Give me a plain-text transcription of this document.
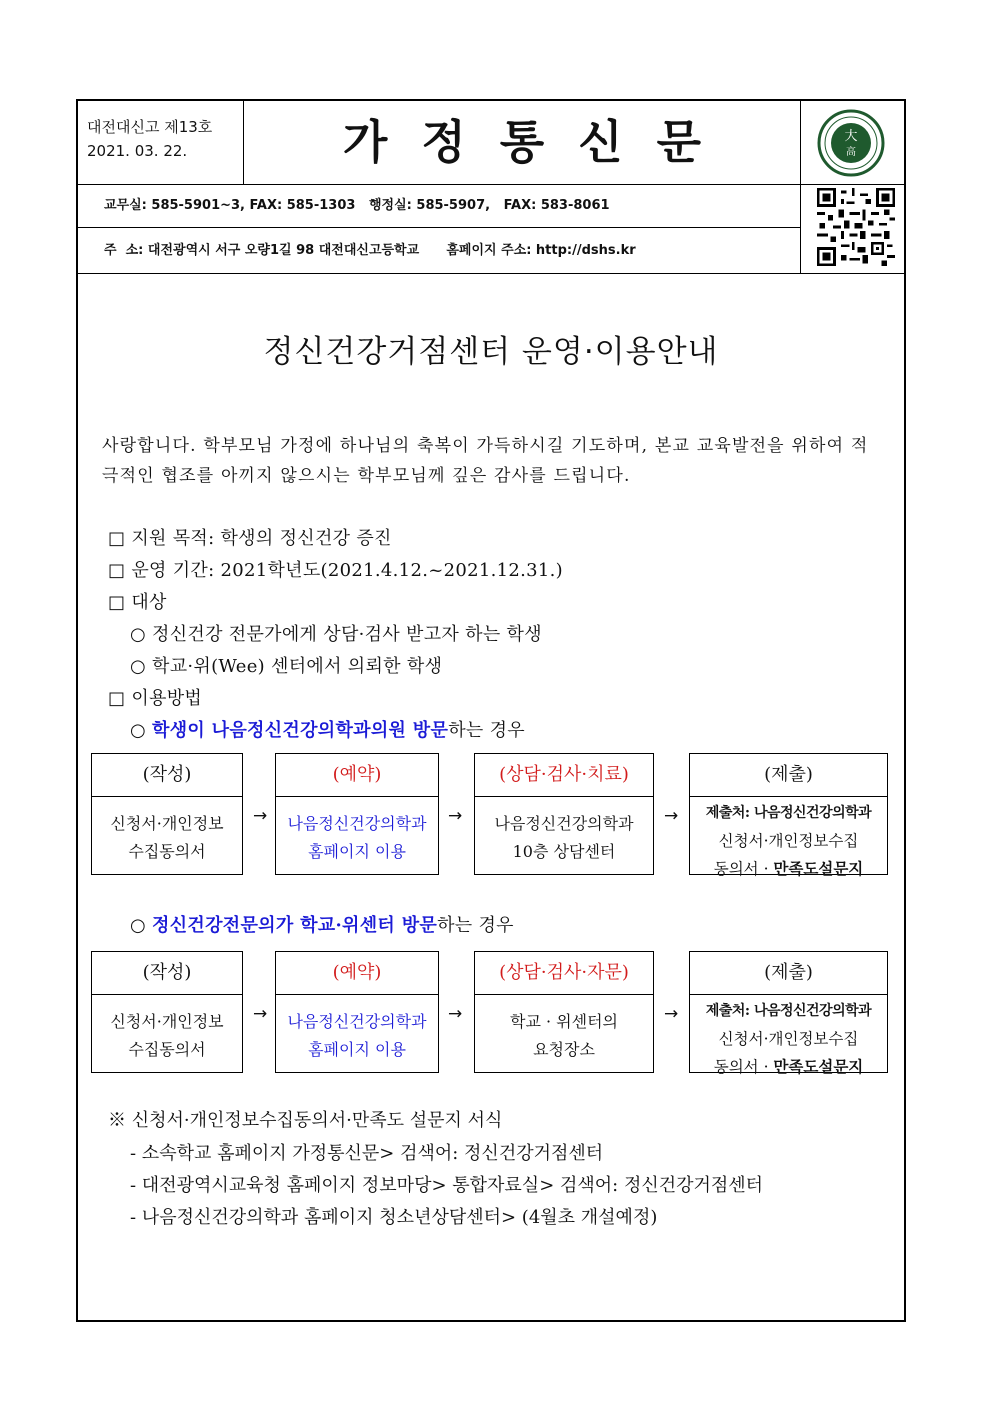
대전대신고 제13호
2021. 03. 22.	가정통신문	大
高
교무실: 585-5901~3, FAX: 585-1303   행정실: 585-5907,   FAX: 583-8061
주  소: 대전광역시 서구 오량1길 98 대전대신고등학교      홈페이지 주소: http://dshs.kr
정신건강거점센터 운영·이용안내
사랑합니다. 학부모님 가정에 하나님의 축복이 가득하시길 기도하며, 본교 교육발전을 위하여 적극적인 협조를 아끼지 않으시는 학부모님께 깊은 감사를 드립니다.
□ 지원 목적: 학생의 정신건강 증진
□ 운영 기간: 2021학년도(2021.4.12.~2021.12.31.)
□ 대상
○ 정신건강 전문가에게 상담·검사 받고자 하는 학생
○ 학교·위(Wee) 센터에서 의뢰한 학생
□ 이용방법
○ 학생이 나음정신건강의학과의원 방문하는 경우
(작성)
신청서·개인정보
수집동의서
→
(예약)
나음정신건강의학과
홈페이지 이용
→
(상담·검사·치료)
나음정신건강의학과
10층 상담센터
→
(제출)
제출처: 나음정신건강의학과
신청서·개인정보수집
동의서 · 만족도설문지
○ 정신건강전문의가 학교·위센터 방문하는 경우
(작성)
신청서·개인정보
수집동의서
→
(예약)
나음정신건강의학과
홈페이지 이용
→
(상담·검사·자문)
학교 · 위센터의
요청장소
→
(제출)
제출처: 나음정신건강의학과
신청서·개인정보수집
동의서 · 만족도설문지
※ 신청서·개인정보수집동의서·만족도 설문지 서식
- 소속학교 홈페이지 가정통신문> 검색어: 정신건강거점센터
- 대전광역시교육청 홈페이지 정보마당> 통합자료실> 검색어: 정신건강거점센터
- 나음정신건강의학과 홈페이지 청소년상담센터> (4월초 개설예정)
